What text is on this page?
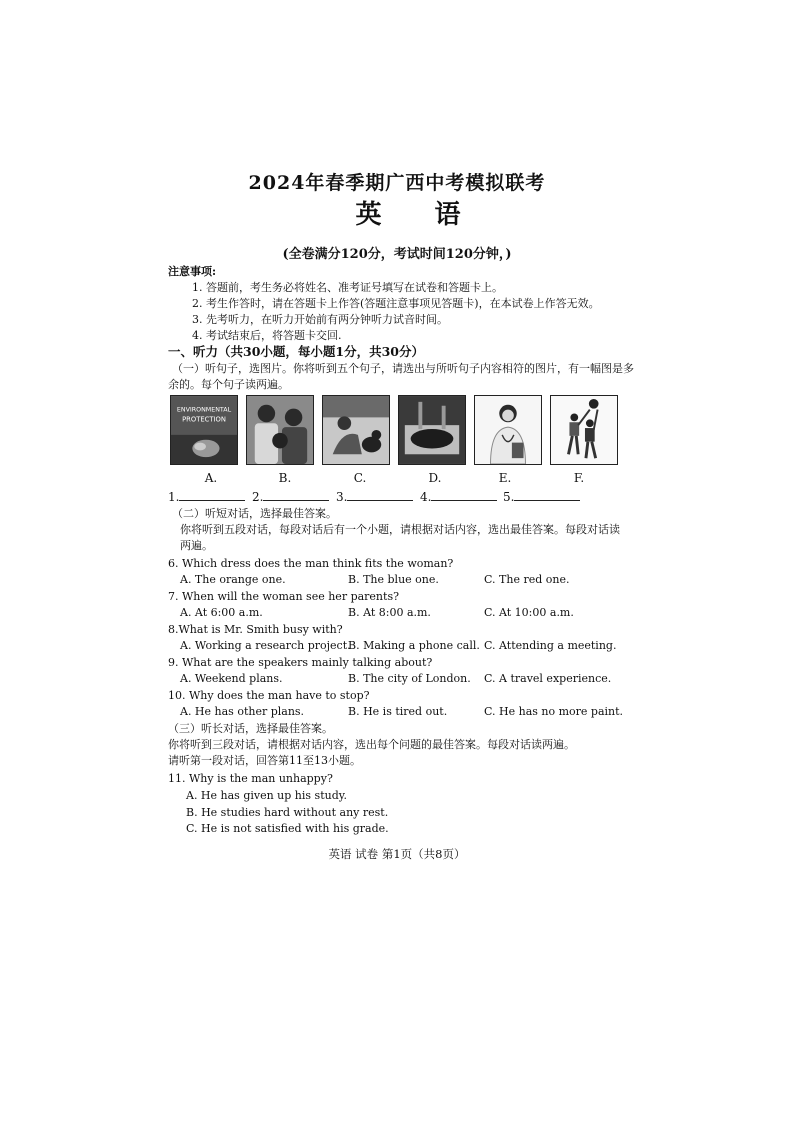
2024年春季期广西中考模拟联考
英 语
(全卷满分120分，考试时间120分钟，)
注意事项:
1. 答题前，考生务必将姓名、准考证号填写在试卷和答题卡上。
2. 考生作答时，请在答题卡上作答(答题注意事项见答题卡)，在本试卷上作答无效。
3. 先考听力，在听力开始前有两分钟听力试音时间。
4. 考试结束后，将答题卡交回.
一、听力（共30小题，每小题1分，共30分）
（一）听句子，选图片。你将听到五个句子，请选出与所听句子内容相符的图片，有一幅图是多
余的。每个句子读两遍。
ENVIRONMENTAL
PROTECTION
A.	B.	C.	D.	E.	F.
1.	2.	3.	4.	5.
（二）听短对话，选择最佳答案。
你将听到五段对话，每段对话后有一个小题，请根据对话内容，选出最佳答案。每段对话读
两遍。
6. Which dress does the man think fits the woman?
A. The orange one.	B. The blue one.	C. The red one.
7. When will the woman see her parents?
A. At 6:00 a.m.	B. At 8:00 a.m.	C. At 10:00 a.m.
8.What is Mr. Smith busy with?
A. Working a research project.
B. Making a phone call. C. Attending a meeting.
9. What are the speakers mainly talking about?
A. Weekend plans.	B. The city of London. C. A travel experience.
10. Why does the man have to stop?
A. He has other plans.	B. He is tired out.	C. He has no more paint.
（三）听长对话，选择最佳答案。
你将听到三段对话，请根据对话内容，选出每个问题的最佳答案。每段对话读两遍。
请听第一段对话，回答第11至13小题。
11. Why is the man unhappy?
A. He has given up his study.
B. He studies hard without any rest.
C. He is not satisfied with his grade.
英语 试卷 第1页（共8页）
